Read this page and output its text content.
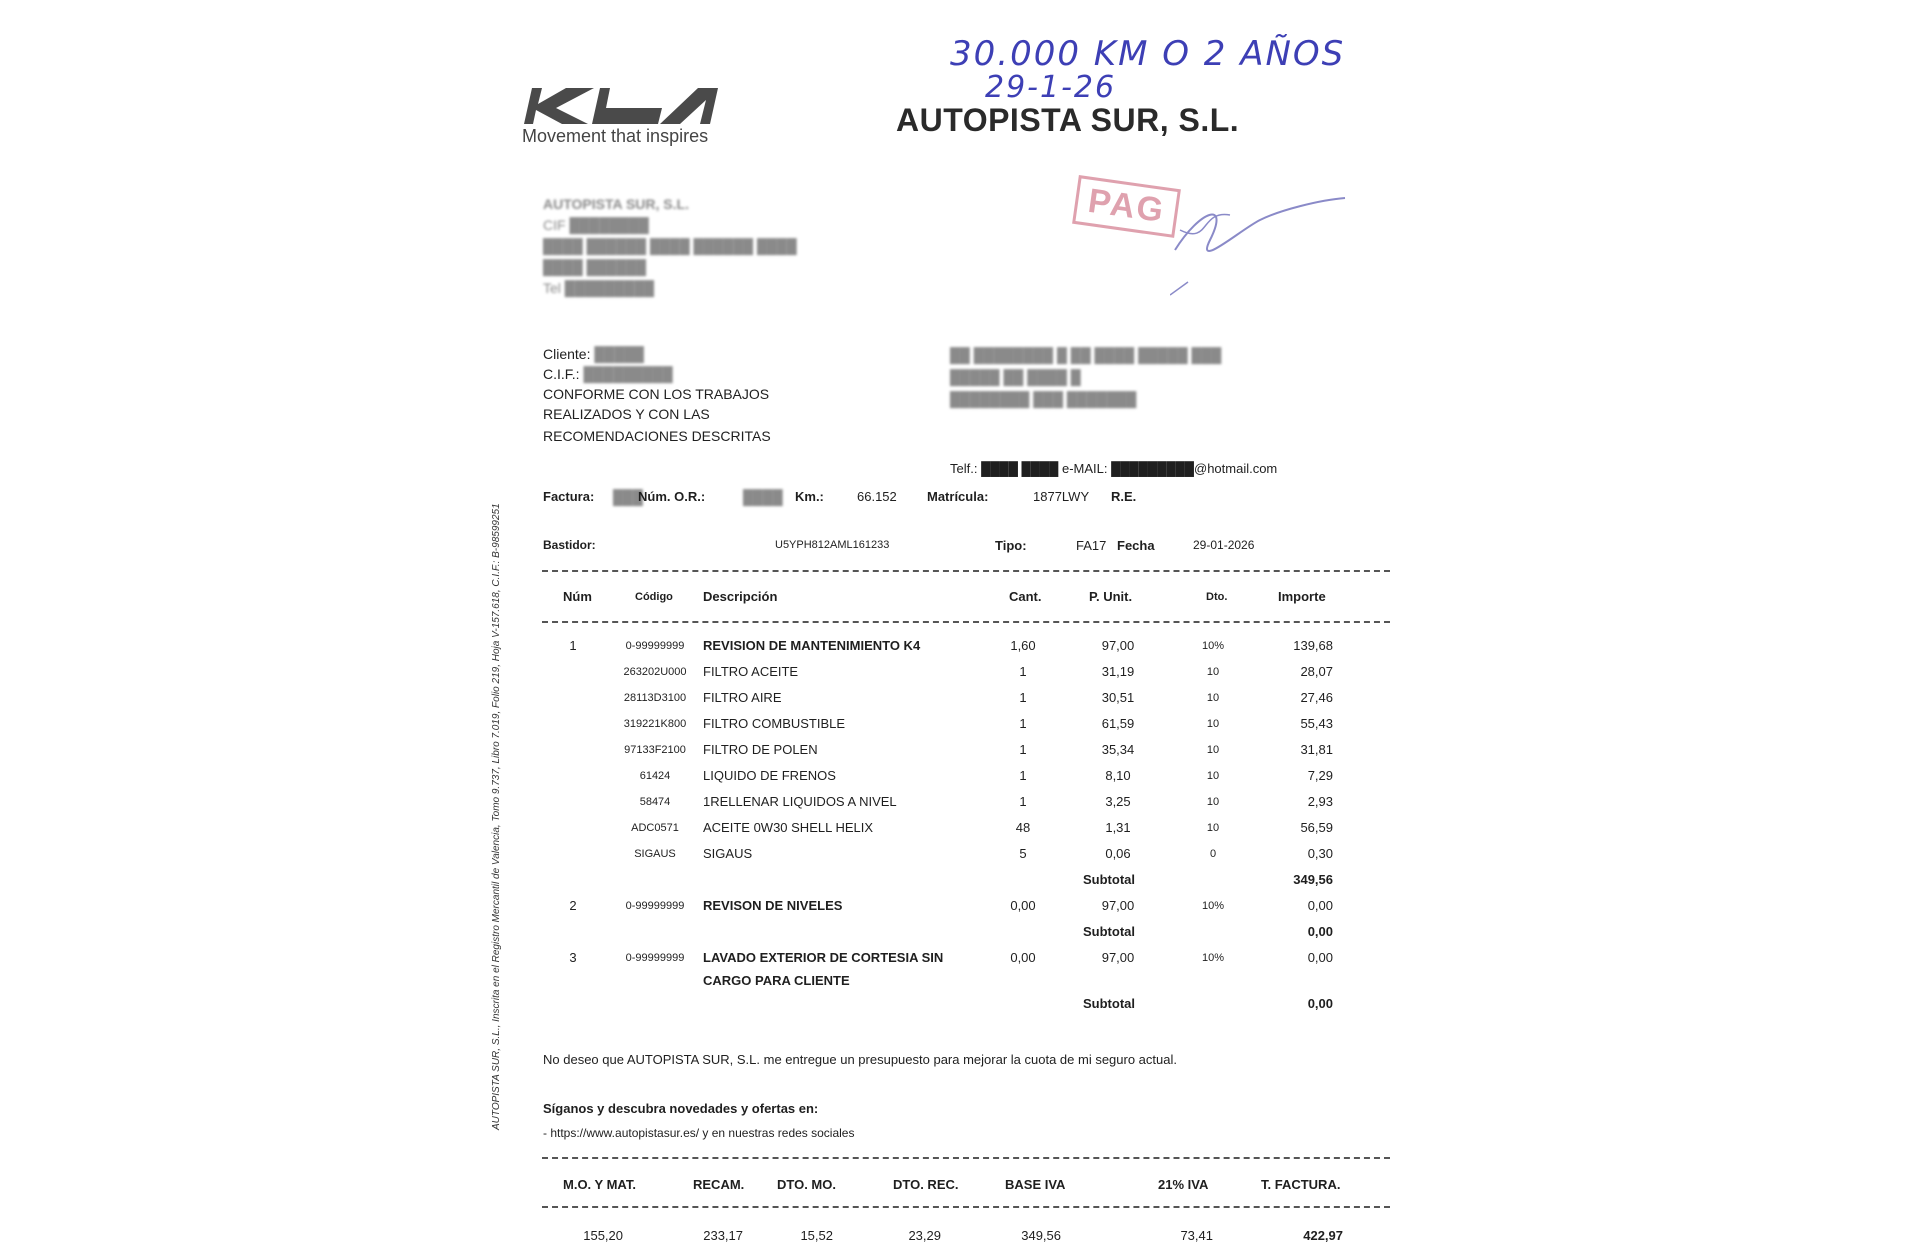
30.000 KM O 2 AÑOS
29-1-26
Movement that inspires	AUTOPISTA SUR, S.L.
AUTOPISTA SUR, S.L.
CIF ████████
████ ██████ ████ ██████ ████
████ ██████
Tel █████████
PAG
Cliente: █████
C.I.F.: █████████
CONFORME CON LOS TRABAJOS
REALIZADOS Y CON LAS
RECOMENDACIONES DESCRITAS
██ ████████ █ ██ ████ █████ ███
█████ ██ ████ █
████████ ███ ███████
Telf.: ████ ████ e-MAIL: █████████@hotmail.com
Factura: ███
Núm. O.R.:	████ Km.:	66.152 Matrícula:	1877LWY R.E.
Bastidor:	U5YPH812AML161233	Tipo:	FA17 Fecha	29-01-2026
Núm	Código Descripción	Cant.	P. Unit.	Dto.	Importe
1	0-99999999	REVISION DE MANTENIMIENTO K4	1,60	97,00	10%	139,68
263202U000	FILTRO ACEITE	1	31,19	10	28,07
28113D3100	FILTRO AIRE	1	30,51	10	27,46
319221K800	FILTRO COMBUSTIBLE	1	61,59	10	55,43
97133F2100	FILTRO DE POLEN	1	35,34	10	31,81
61424	LIQUIDO DE FRENOS	1	8,10	10	7,29
58474	1RELLENAR LIQUIDOS A NIVEL	1	3,25	10	2,93
ADC0571	ACEITE 0W30 SHELL HELIX	48	1,31	10	56,59
SIGAUS	SIGAUS	5	0,06	0	0,30
Subtotal	349,56
2	0-99999999	REVISON DE NIVELES	0,00	97,00	10%	0,00
Subtotal	0,00
3	0-99999999	LAVADO EXTERIOR DE CORTESIA SIN	0,00	97,00	10%	0,00
CARGO PARA CLIENTE
Subtotal	0,00
No deseo que AUTOPISTA SUR, S.L. me entregue un presupuesto para mejorar la cuota de mi seguro actual.
Síganos y descubra novedades y ofertas en:
- https://www.autopistasur.es/ y en nuestras redes sociales
M.O. Y MAT.	RECAM.	DTO. MO.	DTO. REC.	BASE IVA	21% IVA	T. FACTURA.
155,20	233,17	15,52	23,29	349,56	73,41	422,97
AUTOPISTA SUR, S.L., Inscrita en el Registro Mercantil de Valencia, Tomo 9.737, Libro 7.019, Folio 219, Hoja V-157.618, C.I.F.: B-98599251
